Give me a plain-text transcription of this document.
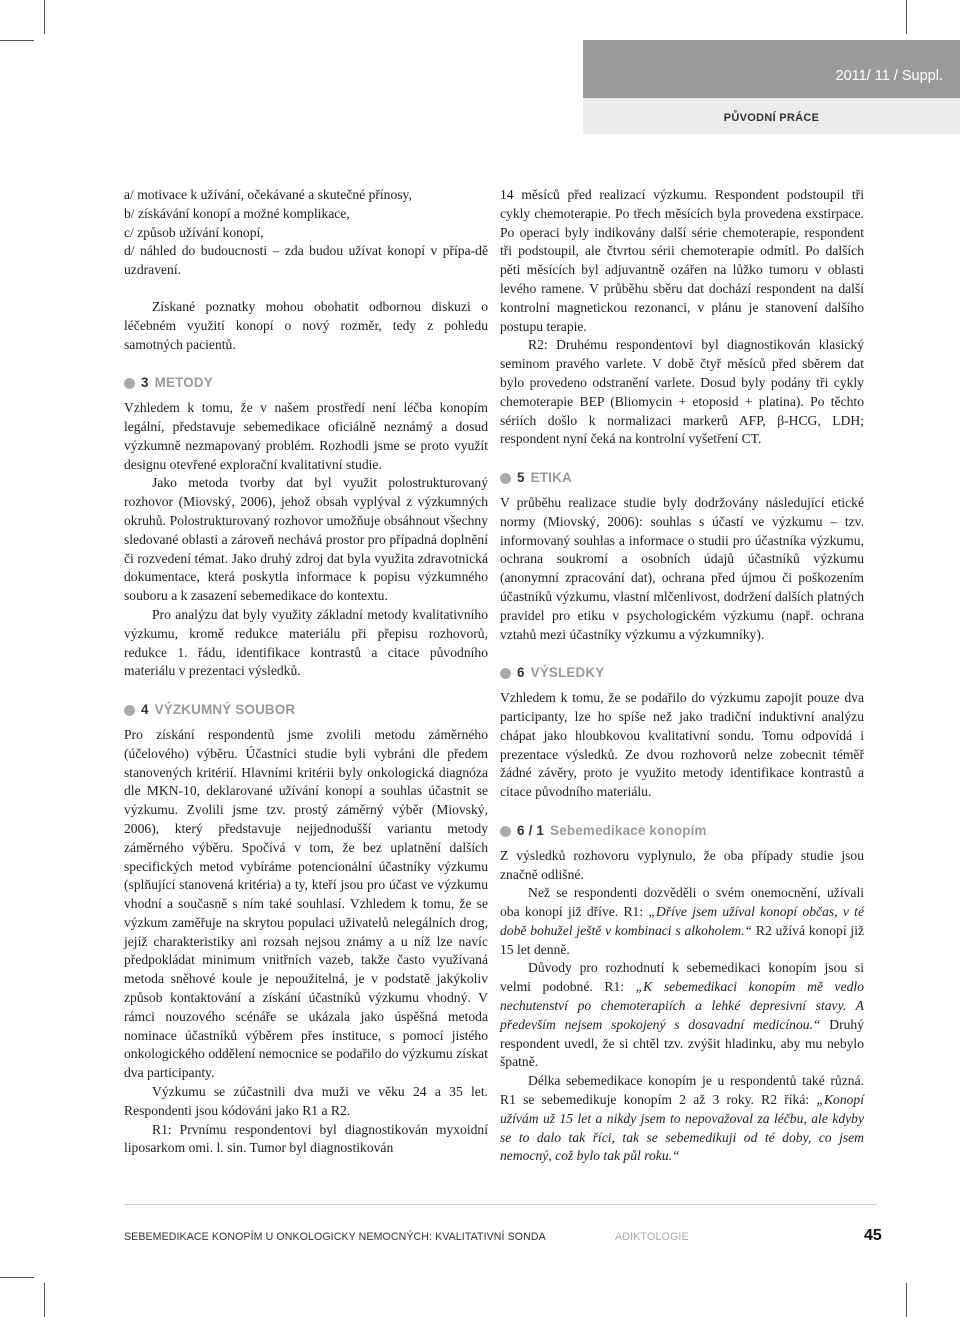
2011/ 11 / Suppl.
PŮVODNÍ PRÁCE

a/ motivace k užívání, očekávané a skutečné přínosy,

b/ získávání konopí a možné komplikace,

c/ způsob užívání konopí,

d/ náhled do budoucnosti – zda budou užívat konopí v přípa-dě uzdravení.

Získané poznatky mohou obohatit odbornou diskuzi o léčebném využití konopí o nový rozměr, tedy z pohledu samotných pacientů.

3 METODY

Vzhledem k tomu, že v našem prostředí není léčba konopím legální, představuje sebemedikace oficiálně neznámý a dosud výzkumně nezmapovaný problém. Rozhodli jsme se proto využít designu otevřené explorační kvalitativní studie.

Jako metoda tvorby dat byl využit polostrukturovaný rozhovor (Miovský, 2006), jehož obsah vyplýval z výzkumných okruhů. Polostrukturovaný rozhovor umožňuje obsáhnout všechny sledované oblasti a zároveň nechává prostor pro případná doplnění či rozvedení témat. Jako druhý zdroj dat byla využita zdravotnická dokumentace, která poskytla informace k popisu výzkumného souboru a k zasazení sebemedikace do kontextu.

Pro analýzu dat byly využity základní metody kvalitativního výzkumu, kromě redukce materiálu při přepisu rozhovorů, redukce 1. řádu, identifikace kontrastů a citace původního materiálu v prezentaci výsledků.

4 VÝZKUMNÝ SOUBOR

Pro získání respondentů jsme zvolili metodu záměrného (účelového) výběru. Účastníci studie byli vybráni dle předem stanovených kritérií. Hlavními kritérii byly onkologická diagnóza dle MKN-10, deklarované užívání konopí a souhlas účastnit se výzkumu. Zvolili jsme tzv. prostý záměrný výběr (Miovský, 2006), který představuje nejjednodušší variantu metody záměrného výběru. Spočívá v tom, že bez uplatnění dalších specifických metod vybíráme potencionální účastníky výzkumu (splňující stanovená kritéria) a ty, kteří jsou pro účast ve výzkumu vhodní a současně s ním také souhlasí. Vzhledem k tomu, že se výzkum zaměřuje na skrytou populaci uživatelů nelegálních drog, jejíž charakteristiky ani rozsah nejsou známy a u níž lze navíc předpokládat minimum vnitřních vazeb, takže často využívaná metoda sněhové koule je nepoužitelná, je v podstatě jakýkoliv způsob kontaktování a získání účastníků výzkumu vhodný. V rámci nouzového scénáře se ukázala jako úspěšná metoda nominace účastníků výběrem přes instituce, s pomocí jistého onkologického oddělení nemocnice se podařilo do výzkumu získat dva participanty.

Výzkumu se zúčastnili dva muži ve věku 24 a 35 let. Respondenti jsou kódováni jako R1 a R2.

R1: Prvnímu respondentovi byl diagnostikován myxoidní liposarkom omi. l. sin. Tumor byl diagnostikován

14 měsíců před realizací výzkumu. Respondent podstoupil tři cykly chemoterapie. Po třech měsících byla provedena exstirpace. Po operaci byly indikovány další série chemoterapie, respondent tři podstoupil, ale čtvrtou sérii chemoterapie odmítl. Po dalších pěti měsících byl adjuvantně ozářen na lůžko tumoru v oblasti levého ramene. V průběhu sběru dat dochází respondent na další kontrolní magnetickou rezonanci, v plánu je stanovení dalšího postupu terapie.

R2: Druhému respondentovi byl diagnostikován klasický seminom pravého varlete. V době čtyř měsíců před sběrem dat bylo provedeno odstranění varlete. Dosud byly podány tři cykly chemoterapie BEP (Bliomycin + etoposid + platina). Po těchto sériích došlo k normalizaci markerů AFP, β-HCG, LDH; respondent nyní čeká na kontrolní vyšetření CT.

5 ETIKA

V průběhu realizace studie byly dodržovány následující etické normy (Miovský, 2006): souhlas s účastí ve výzkumu – tzv. informovaný souhlas a informace o studii pro účastníka výzkumu, ochrana soukromí a osobních údajů účastníků výzkumu (anonymní zpracování dat), ochrana před újmou či poškozením účastníků výzkumu, vlastní mlčenlivost, dodržení dalších platných pravidel pro etiku v psychologickém výzkumu (např. ochrana vztahů mezi účastníky výzkumu a výzkumníky).

6 VÝSLEDKY

Vzhledem k tomu, že se podařilo do výzkumu zapojit pouze dva participanty, lze ho spíše než jako tradiční induktivní analýzu chápat jako hloubkovou kvalitativní sondu. Tomu odpovídá i prezentace výsledků. Ze dvou rozhovorů nelze zobecnit téměř žádné závěry, proto je využito metody identifikace kontrastů a citace původního materiálu.

6 / 1 Sebemedikace konopím

Z výsledků rozhovoru vyplynulo, že oba případy studie jsou značně odlišné.

Než se respondenti dozvěděli o svém onemocnění, užívali oba konopí již dříve. R1: „Dříve jsem užíval konopí občas, v té době bohužel ještě v kombinaci s alkoholem.“ R2 užívá konopí již 15 let denně.

Důvody pro rozhodnutí k sebemedikaci konopím jsou si velmi podobné. R1: „K sebemedikaci konopím mě vedlo nechutenství po chemoterapiích a lehké depresivní stavy. A především nejsem spokojený s dosavadní medicínou.“ Druhý respondent uvedl, že si chtěl tzv. zvýšit hladinku, aby mu nebylo špatně.

Délka sebemedikace konopím je u respondentů také různá. R1 se sebemedikuje konopím 2 až 3 roky. R2 říká: „Konopí užívám už 15 let a nikdy jsem to nepovažoval za léčbu, ale kdyby se to dalo tak říci, tak se sebemedikuji od té doby, co jsem nemocný, což bylo tak půl roku.“

SEBEMEDIKACE KONOPÍM U ONKOLOGICKY NEMOCNÝCH: KVALITATIVNÍ SONDA	ADIKTOLOGIE	45
